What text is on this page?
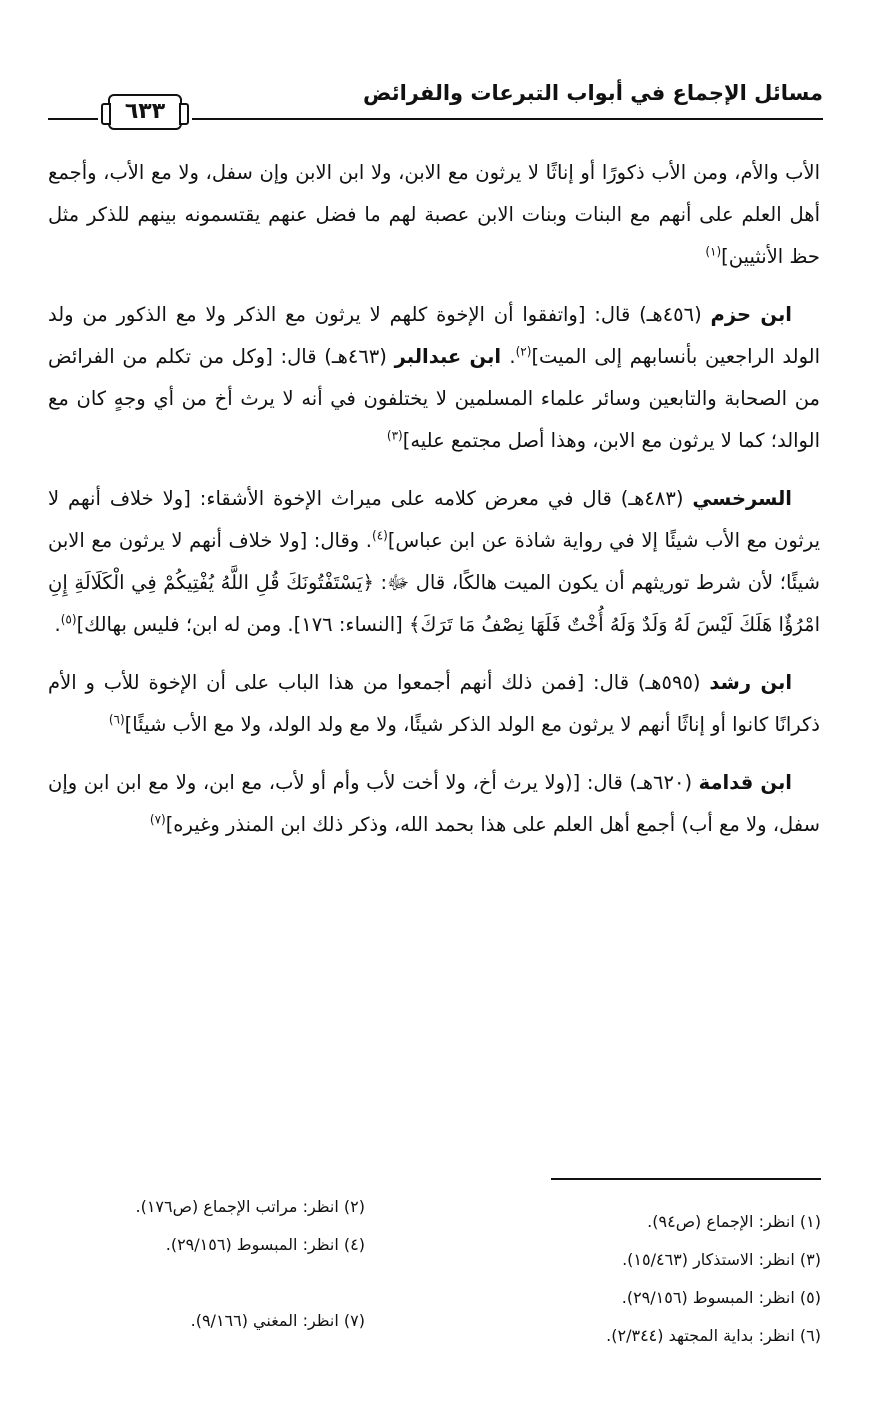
مسائل الإجماع في أبواب التبرعات والفرائض
٦٣٣

الأب والأم، ومن الأب ذكورًا أو إناثًا لا يرثون مع الابن، ولا ابن الابن وإن سفل، ولا مع الأب، وأجمع أهل العلم على أنهم مع البنات وبنات الابن عصبة لهم ما فضل عنهم يقتسمونه بينهم للذكر مثل حظ الأنثيين]$^{(١)}$

ابن حزم (٤٥٦هـ) قال: [واتفقوا أن الإخوة كلهم لا يرثون مع الذكر ولا مع الذكور من ولد الولد الراجعين بأنسابهم إلى الميت]$^{(٢)}$. ابن عبدالبر (٤٦٣هـ) قال: [وكل من تكلم من الفرائض من الصحابة والتابعين وسائر علماء المسلمين لا يختلفون في أنه لا يرث أخ من أي وجهٍ كان مع الوالد؛ كما لا يرثون مع الابن، وهذا أصل مجتمع عليه]$^{(٣)}$

السرخسي (٤٨٣هـ) قال في معرض كلامه على ميراث الإخوة الأشقاء: [ولا خلاف أنهم لا يرثون مع الأب شيئًا إلا في رواية شاذة عن ابن عباس]$^{(٤)}$. وقال: [ولا خلاف أنهم لا يرثون مع الابن شيئًا؛ لأن شرط توريثهم أن يكون الميت هالكًا، قال ﷻ: ﴿يَسْتَفْتُونَكَ قُلِ اللَّهُ يُفْتِيكُمْ فِي الْكَلَالَةِ إِنِ امْرُؤٌا هَلَكَ لَيْسَ لَهُ وَلَدٌ وَلَهُ أُخْتٌ فَلَهَا نِصْفُ مَا تَرَكَ﴾ [النساء: ١٧٦]. ومن له ابن؛ فليس بهالك]$^{(٥)}$.

ابن رشد (٥٩٥هـ) قال: [فمن ذلك أنهم أجمعوا من هذا الباب على أن الإخوة للأب و الأم ذكرانًا كانوا أو إناثًا أنهم لا يرثون مع الولد الذكر شيئًا، ولا مع ولد الولد، ولا مع الأب شيئًا]$^{(٦)}$

ابن قدامة (٦٢٠هـ) قال: [(ولا يرث أخ، ولا أخت لأب وأم أو لأب، مع ابن، ولا مع ابن ابن وإن سفل، ولا مع أب) أجمع أهل العلم على هذا بحمد الله، وذكر ذلك ابن المنذر وغيره]$^{(٧)}$

(١) انظر: الإجماع (ص٩٤).
(٣) انظر: الاستذكار (١٥/٤٦٣).
(٥) انظر: المبسوط (٢٩/١٥٦).
(٦) انظر: بداية المجتهد (٢/٣٤٤).
(٢) انظر: مراتب الإجماع (ص١٧٦).
(٤) انظر: المبسوط (٢٩/١٥٦).
(٧) انظر: المغني (٩/١٦٦).
